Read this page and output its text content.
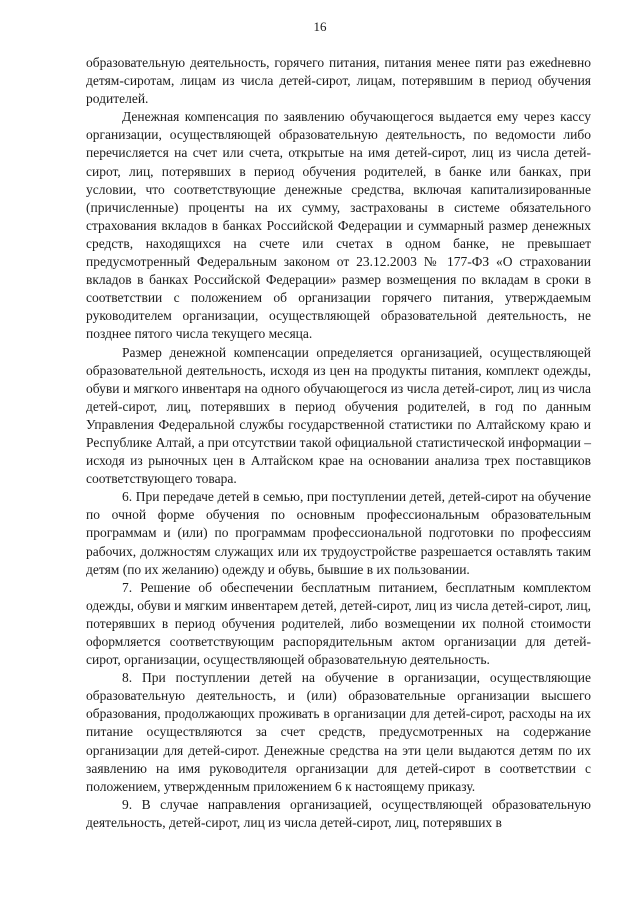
16

образовательную деятельность, горячего питания, питания менее пяти раз ежеdневно детям-сиротам, лицам из числа детей-сирот, лицам, потерявшим в период обучения родителей.

Денежная компенсация по заявлению обучающегося выдается ему через кассу организации, осуществляющей образовательную деятельность, по ведомости либо перечисляется на счет или счета, открытые на имя детей-сирот, лиц из числа детей-сирот, лиц, потерявших в период обучения родителей, в банке или банках, при условии, что соответствующие денежные средства, включая капитализированные (причисленные) проценты на их сумму, застрахованы в системе обязательного страхования вкладов в банках Российской Федерации и суммарный размер денежных средств, находящихся на счете или счетах в одном банке, не превышает предусмотренный Федеральным законом от 23.12.2003 № 177-ФЗ «О страховании вкладов в банках Российской Федерации» размер возмещения по вкладам в сроки в соответствии с положением об организации горячего питания, утверждаемым руководителем организации, осуществляющей образовательной деятельность, не позднее пятого числа текущего месяца.

Размер денежной компенсации определяется организацией, осуществляющей образовательной деятельность, исходя из цен на продукты питания, комплект одежды, обуви и мягкого инвентаря на одного обучающегося из числа детей-сирот, лиц из числа детей-сирот, лиц, потерявших в период обучения родителей, в год по данным Управления Федеральной службы государственной статистики по Алтайскому краю и Республике Алтай, а при отсутствии такой официальной статистической информации – исходя из рыночных цен в Алтайском крае на основании анализа трех поставщиков соответствующего товара.

6. При передаче детей в семью, при поступлении детей, детей-сирот на обучение по очной форме обучения по основным профессиональным образовательным программам и (или) по программам профессиональной подготовки по профессиям рабочих, должностям служащих или их трудоустройстве разрешается оставлять таким детям (по их желанию) одежду и обувь, бывшие в их пользовании.

7. Решение об обеспечении бесплатным питанием, бесплатным комплектом одежды, обуви и мягким инвентарем детей, детей-сирот, лиц из числа детей-сирот, лиц, потерявших в период обучения родителей, либо возмещении их полной стоимости оформляется соответствующим распорядительным актом организации для детей-сирот, организации, осуществляющей образовательную деятельность.

8. При поступлении детей на обучение в организации, осуществляющие образовательную деятельность, и (или) образовательные организации высшего образования, продолжающих проживать в организации для детей-сирот, расходы на их питание осуществляются за счет средств, предусмотренных на содержание организации для детей-сирот. Денежные средства на эти цели выдаются детям по их заявлению на имя руководителя организации для детей-сирот в соответствии с положением, утвержденным приложением 6 к настоящему приказу.

9. В случае направления организацией, осуществляющей образовательную деятельность, детей-сирот, лиц из числа детей-сирот, лиц, потерявших в
